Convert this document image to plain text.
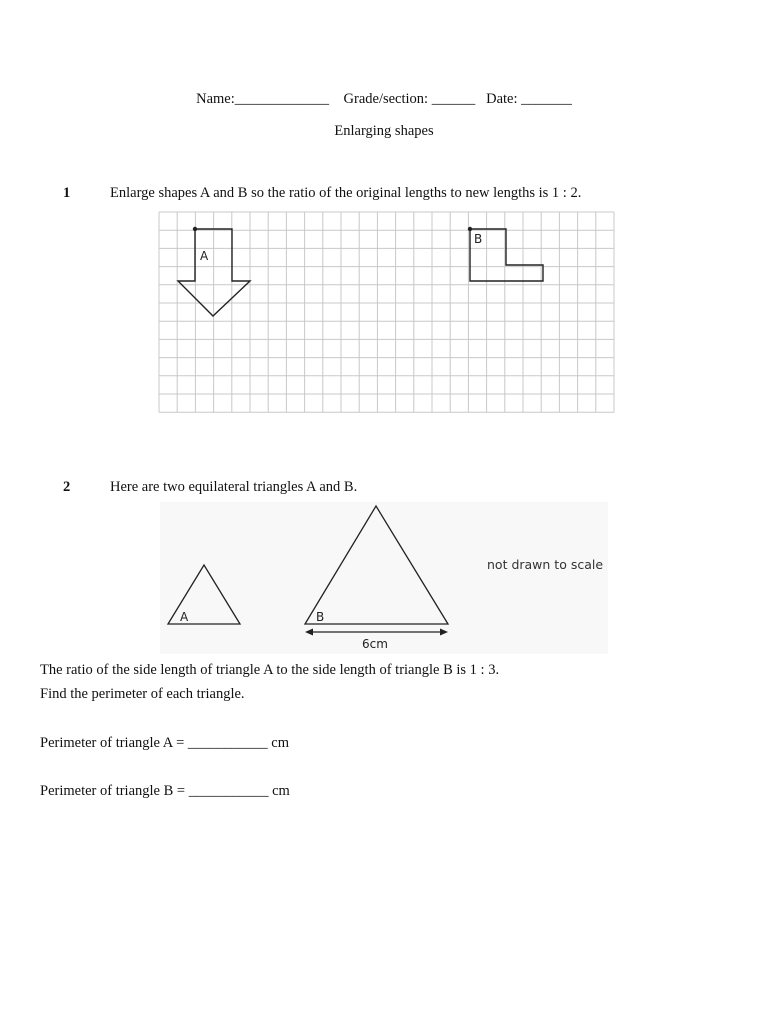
Name:_____________ Grade/section: ______ Date: _______
Enlarging shapes
1	Enlarge shapes A and B so the ratio of the original lengths to new lengths is 1 : 2.
A
B
2	Here are two equilateral triangles A and B.
A	B
6cm
not drawn to scale
The ratio of the side length of triangle A to the side length of triangle B is 1 : 3.
Find the perimeter of each triangle.
Perimeter of triangle A = ___________ cm
Perimeter of triangle B = ___________ cm
